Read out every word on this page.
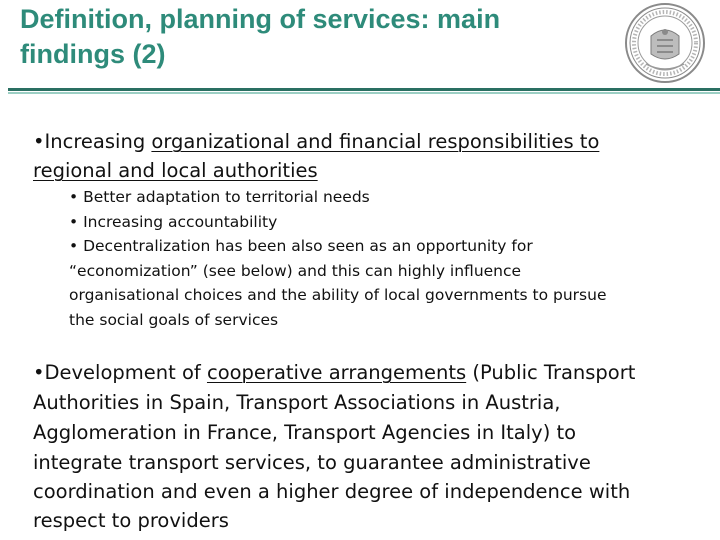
Definition, planning of services: main
findings (2)
•Increasing organizational and financial responsibilities to
regional and local authorities
• Better adaptation to territorial needs
• Increasing accountability
• Decentralization has been also seen as an opportunity for
“economization” (see below) and this can highly influence
organisational choices and the ability of local governments to pursue
the social goals of services
•Development of cooperative arrangements (Public Transport
Authorities in Spain, Transport Associations in Austria,
Agglomeration in France, Transport Agencies in Italy) to
integrate transport services, to guarantee administrative
coordination and even a higher degree of independence with
respect to providers
